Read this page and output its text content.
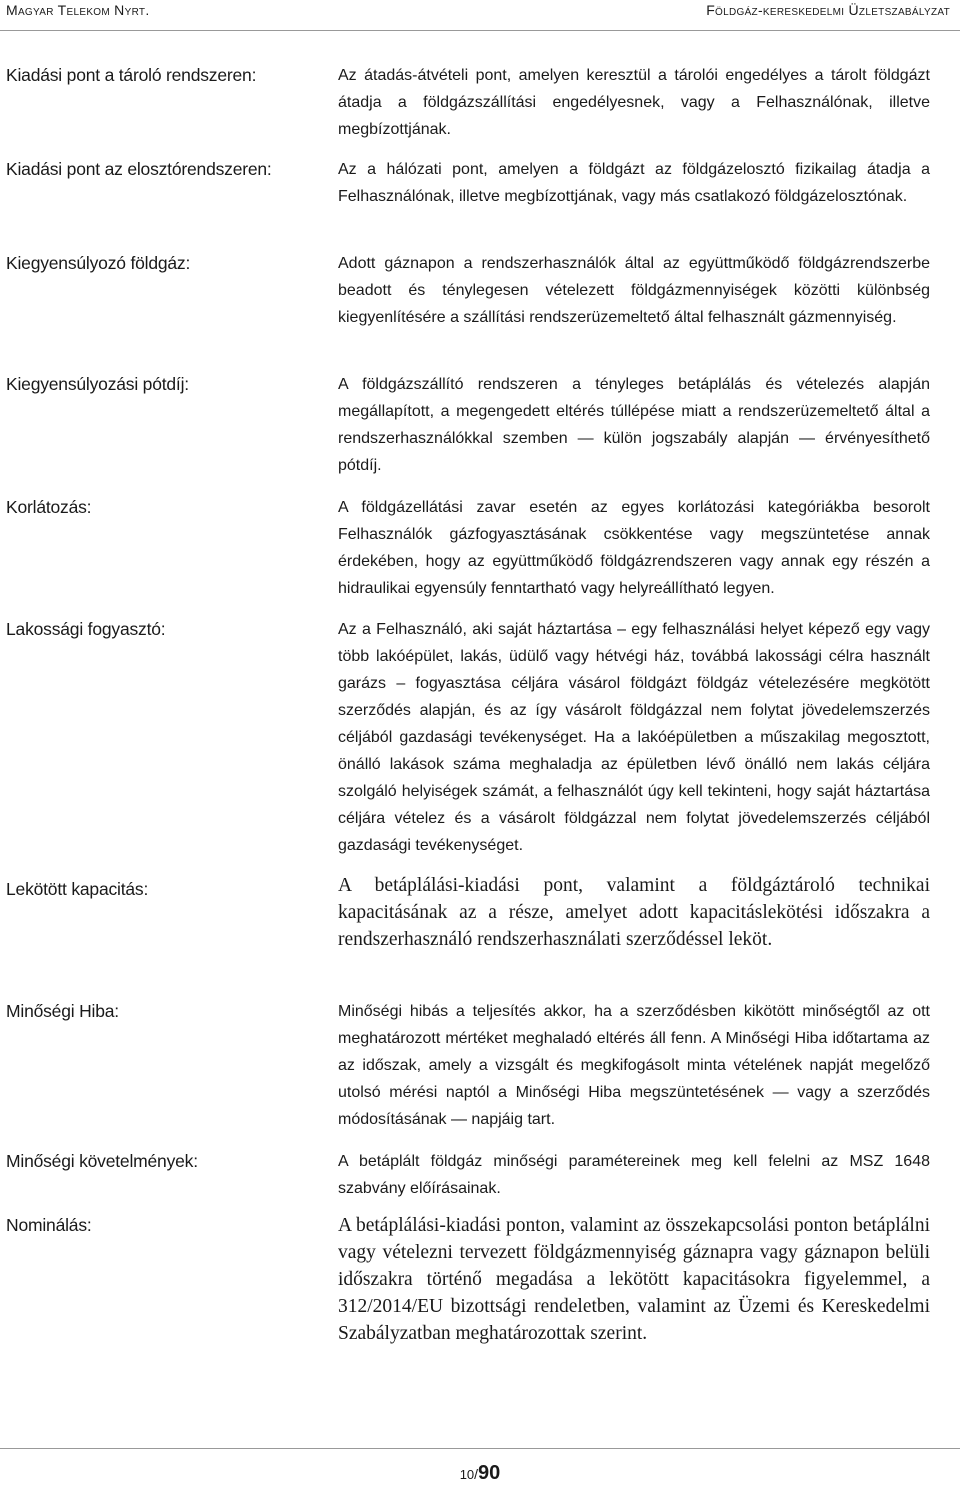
Magyar Telekom Nyrt.	Földgáz-kereskedelmi Üzletszabályzat
Kiadási pont a tároló rendszeren:	Az átadás-átvételi pont, amelyen keresztül a tárolói engedélyes a tárolt földgázt átadja a földgázszállítási engedélyesnek, vagy a Felhasználónak, illetve megbízottjának.
Kiadási pont az elosztórendszeren:	Az a hálózati pont, amelyen a földgázt az földgázelosztó fizikailag átadja a Felhasználónak, illetve megbízottjának, vagy más csatlakozó földgázelosztónak.
Kiegyensúlyozó földgáz:	Adott gáznapon a rendszerhasználók által az együttműködő földgázrendszerbe beadott és ténylegesen vételezett földgázmennyiségek közötti különbség kiegyenlítésére a szállítási rendszerüzemeltető által felhasznált gázmennyiség.
Kiegyensúlyozási pótdíj:	A földgázszállító rendszeren a tényleges betáplálás és vételezés alapján megállapított, a megengedett eltérés túllépése miatt a rendszerüzemeltető által a rendszerhasználókkal szemben — külön jogszabály alapján — érvényesíthető pótdíj.
Korlátozás:	A földgázellátási zavar esetén az egyes korlátozási kategóriákba besorolt Felhasználók gázfogyasztásának csökkentése vagy megszüntetése annak érdekében, hogy az együttműködő földgázrendszeren vagy annak egy részén a hidraulikai egyensúly fenntartható vagy helyreállítható legyen.
Lakossági fogyasztó:	Az a Felhasználó, aki saját háztartása – egy felhasználási helyet képező egy vagy több lakóépület, lakás, üdülő vagy hétvégi ház, továbbá lakossági célra használt garázs – fogyasztása céljára vásárol földgázt földgáz vételezésére megkötött szerződés alapján, és az így vásárolt földgázzal nem folytat jövedelemszerzés céljából gazdasági tevékenységet. Ha a lakóépületben a műszakilag megosztott, önálló lakások száma meghaladja az épületben lévő önálló nem lakás céljára szolgáló helyiségek számát, a felhasználót úgy kell tekinteni, hogy saját háztartása céljára vételez és a vásárolt földgázzal nem folytat jövedelemszerzés céljából gazdasági tevékenységet.
Lekötött kapacitás:	A betáplálási-kiadási pont, valamint a földgáztároló technikai kapacitásának az a része, amelyet adott kapacitáslekötési időszakra a rendszerhasználó rendszerhasználati szerződéssel leköt.
Minőségi Hiba:	Minőségi hibás a teljesítés akkor, ha a szerződésben kikötött minőségtől az ott meghatározott mértéket meghaladó eltérés áll fenn. A Minőségi Hiba időtartama az az időszak, amely a vizsgált és megkifogásolt minta vételének napját megelőző utolsó mérési naptól a Minőségi Hiba megszüntetésének — vagy a szerződés módosításának — napjáig tart.
Minőségi követelmények:	A betáplált földgáz minőségi paramétereinek meg kell felelni az MSZ 1648 szabvány előírásainak.
Nominálás:	A betáplálási-kiadási ponton, valamint az összekapcsolási ponton betáplálni vagy vételezni tervezett földgázmennyiség gáznapra vagy gáznapon belüli időszakra történő megadása a lekötött kapacitásokra figyelemmel, a 312/2014/EU bizottsági rendeletben, valamint az Üzemi és Kereskedelmi Szabályzatban meghatározottak szerint.
10/90
